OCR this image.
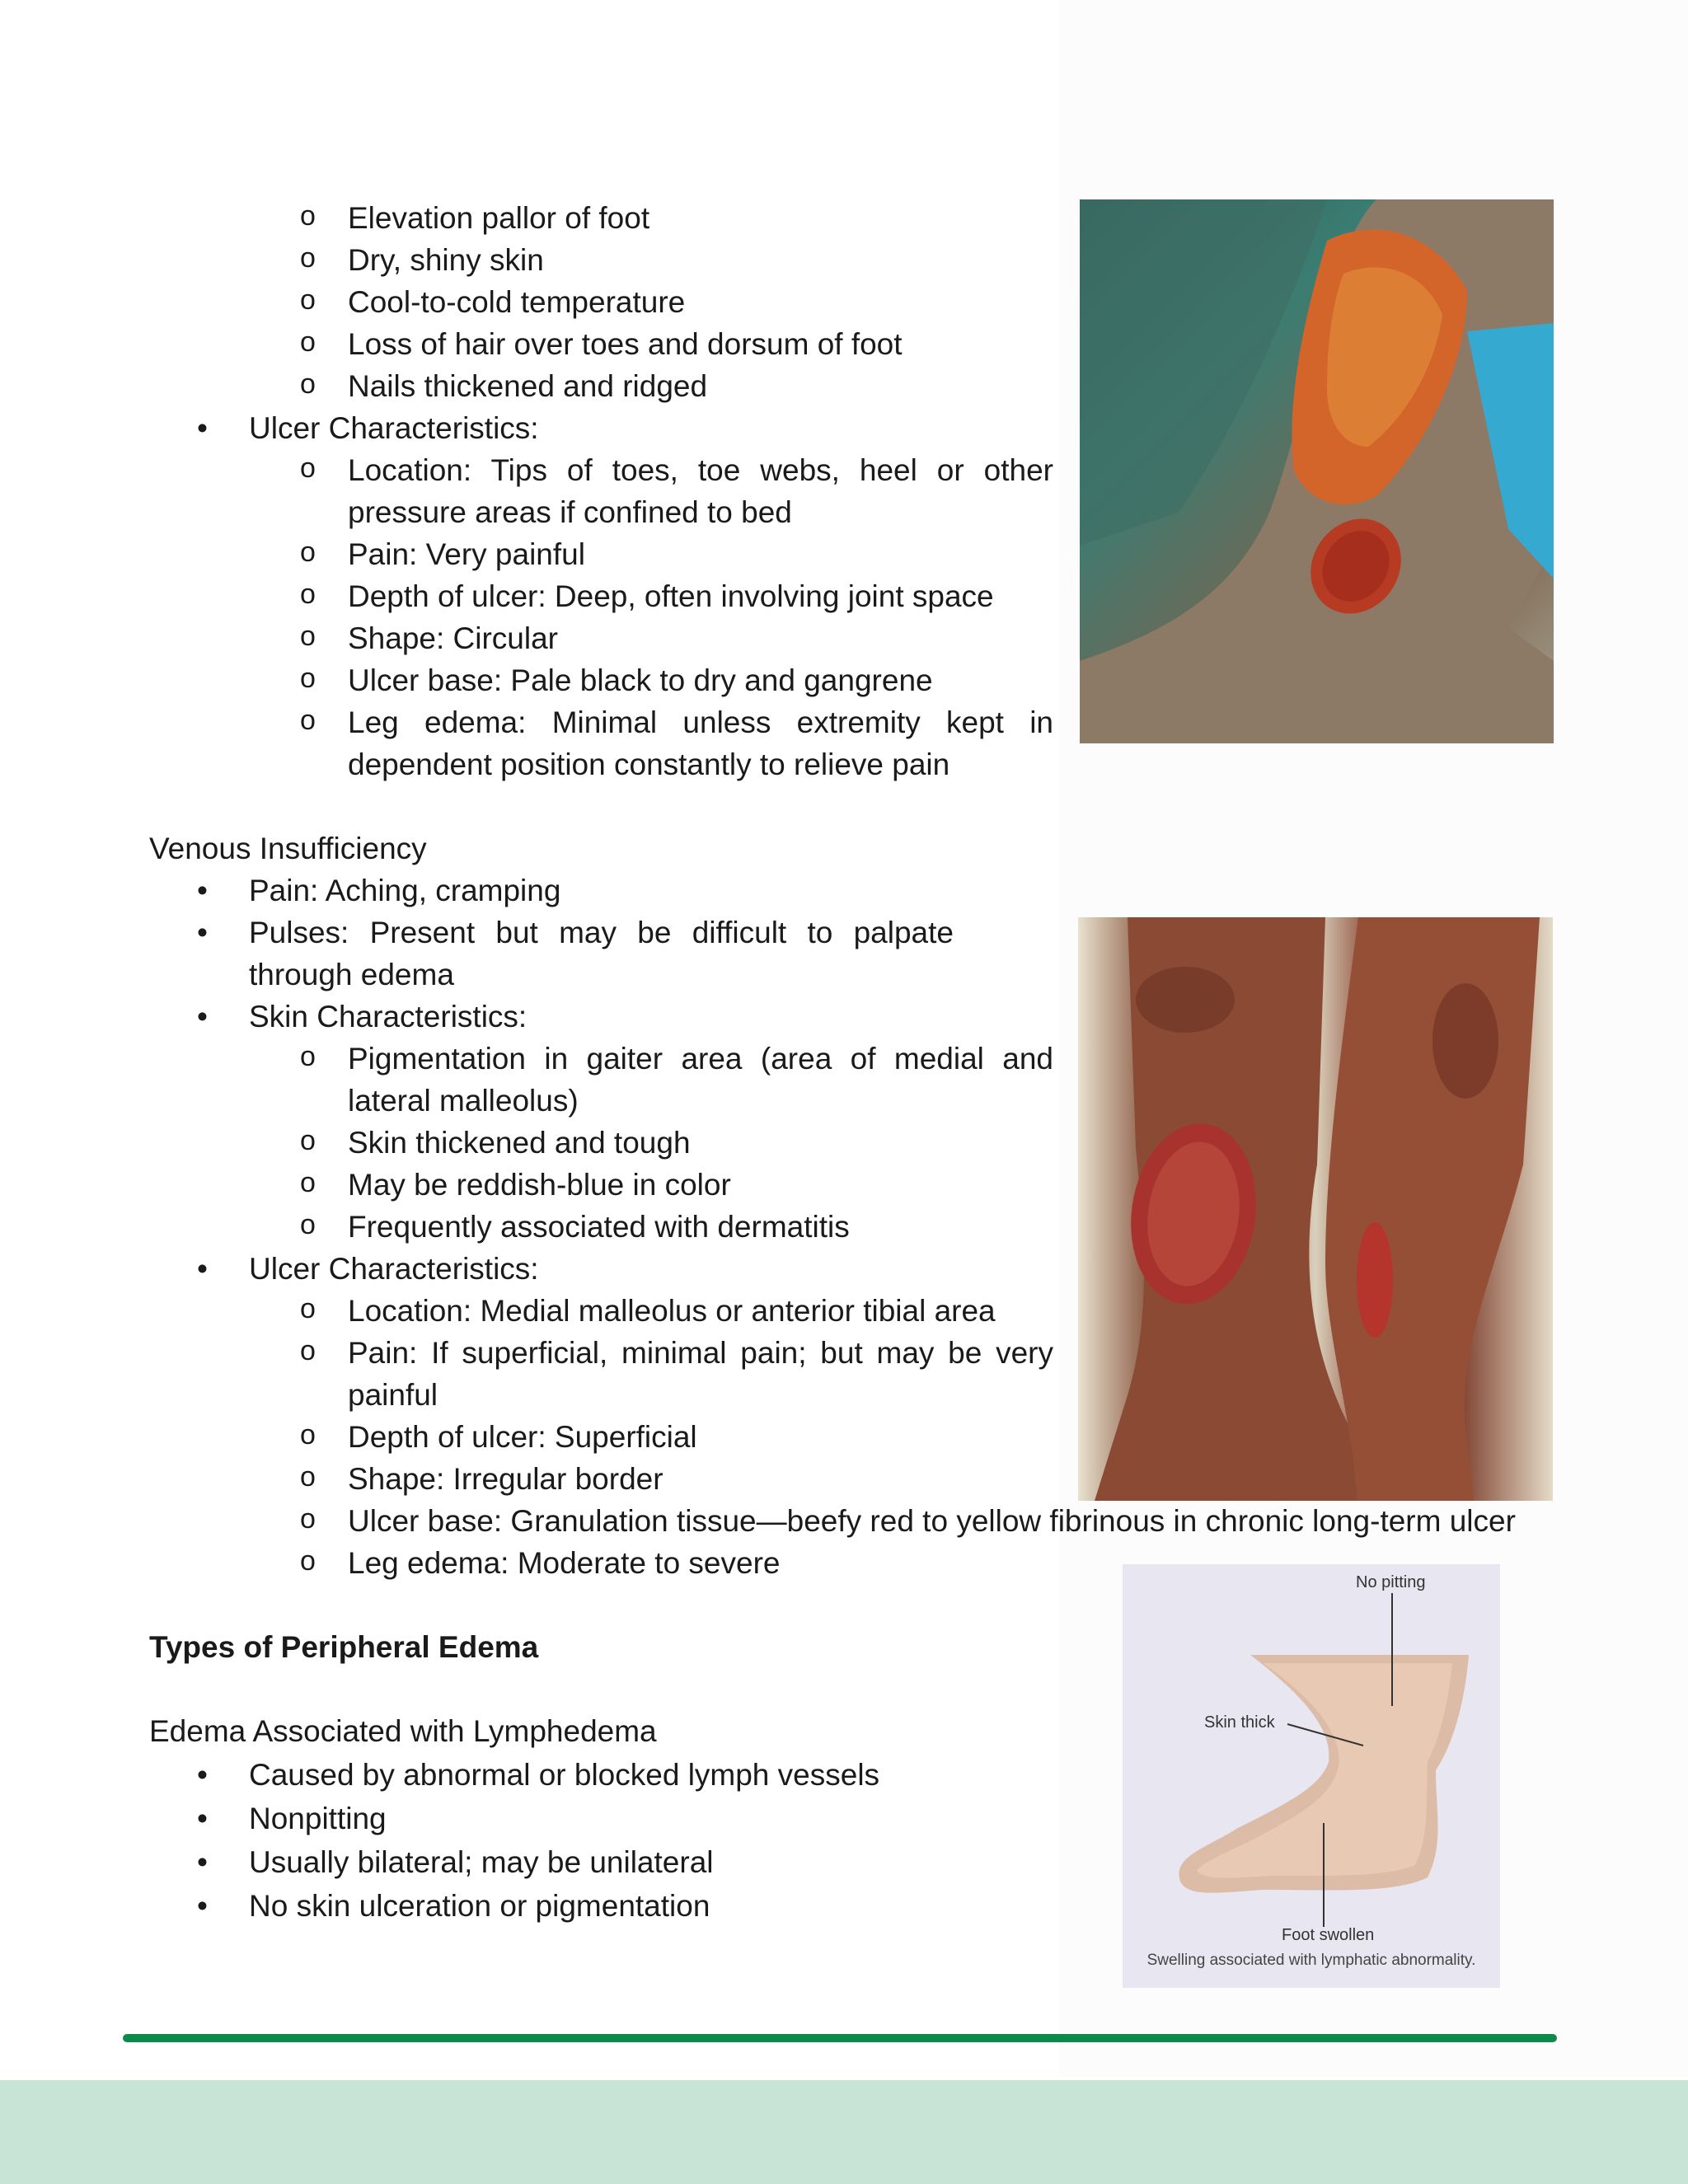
o Elevation pallor of foot
o Dry, shiny skin
o Cool-to-cold temperature
o Loss of hair over toes and dorsum of foot
o Nails thickened and ridged
• Ulcer Characteristics:
o Location: Tips of toes, toe webs, heel or other pressure areas if confined to bed
o Pain: Very painful
o Depth of ulcer: Deep, often involving joint space
o Shape: Circular
o Ulcer base: Pale black to dry and gangrene
o Leg edema: Minimal unless extremity kept in dependent position constantly to relieve pain
Venous Insufficiency
• Pain: Aching, cramping
• Pulses: Present but may be difficult to palpate through edema
• Skin Characteristics:
o Pigmentation in gaiter area (area of medial and lateral malleolus)
o Skin thickened and tough
o May be reddish-blue in color
o Frequently associated with dermatitis
• Ulcer Characteristics:
o Location: Medial malleolus or anterior tibial area
o Pain: If superficial, minimal pain; but may be very painful
o Depth of ulcer: Superficial
o Shape: Irregular border
o Ulcer base: Granulation tissue—beefy red to yellow fibrinous in chronic long-term ulcer
o Leg edema: Moderate to severe
Types of Peripheral Edema
Edema Associated with Lymphedema
• Caused by abnormal or blocked lymph vessels
• Nonpitting
• Usually bilateral; may be unilateral
• No skin ulceration or pigmentation
No pitting
Skin thick
Foot swollen
Swelling associated with lymphatic abnormality.
